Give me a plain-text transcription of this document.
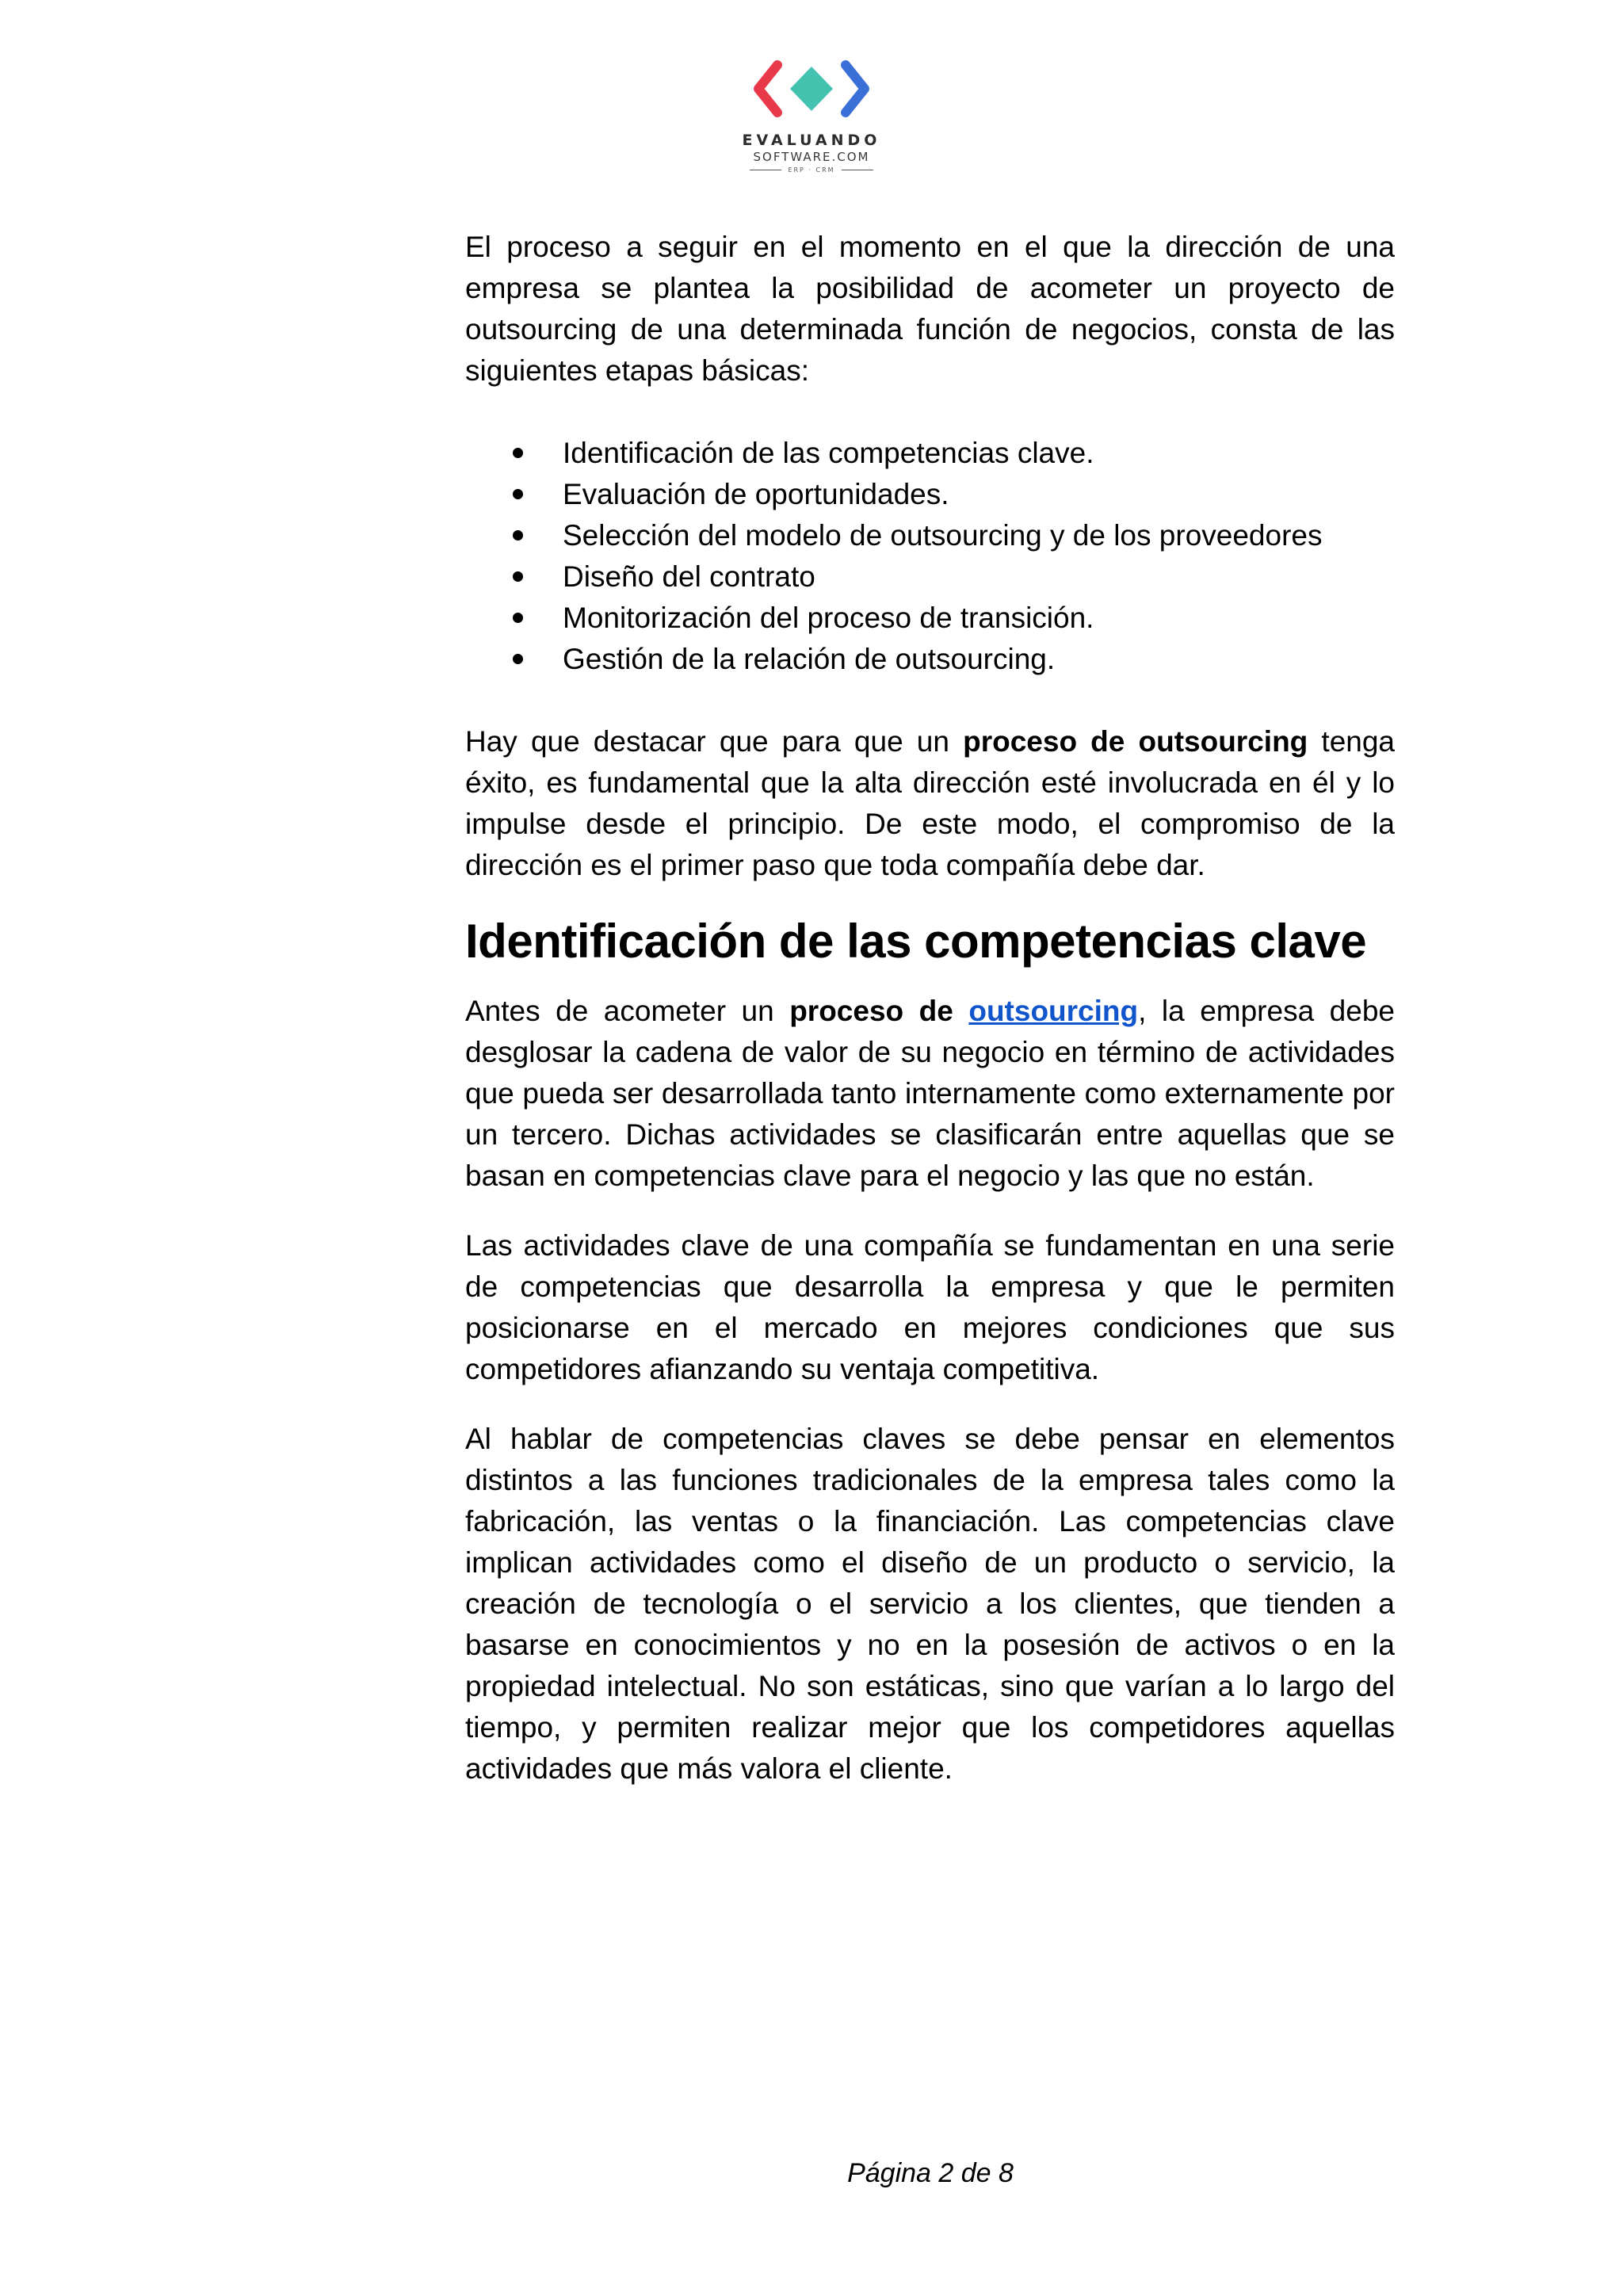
EVALUANDO
SOFTWARE.COM
ERP · CRM

El proceso a seguir en el momento en el que la dirección de una empresa se plantea la posibilidad de acometer un proyecto de outsourcing de una determinada función de negocios, consta de las siguientes etapas básicas:

Identificación de las competencias clave.
Evaluación de oportunidades.
Selección del modelo de outsourcing y de los proveedores
Diseño del contrato
Monitorización del proceso de transición.
Gestión de la relación de outsourcing.

Hay que destacar que para que un proceso de outsourcing tenga éxito, es fundamental que la alta dirección esté involucrada en él y lo impulse desde el principio. De este modo, el compromiso de la dirección es el primer paso que toda compañía debe dar.

Identificación de las competencias clave

Antes de acometer un proceso de outsourcing, la empresa debe desglosar la cadena de valor de su negocio en término de actividades que pueda ser desarrollada tanto internamente como externamente por un tercero. Dichas actividades se clasificarán entre aquellas que se basan en competencias clave para el negocio y las que no están.

Las actividades clave de una compañía se fundamentan en una serie de competencias que desarrolla la empresa y que le permiten posicionarse en el mercado en mejores condiciones que sus competidores afianzando su ventaja competitiva.

Al hablar de competencias claves se debe pensar en elementos distintos a las funciones tradicionales de la empresa tales como la fabricación, las ventas o la financiación. Las competencias clave implican actividades como el diseño de un producto o servicio, la creación de tecnología o el servicio a los clientes, que tienden a basarse en conocimientos y no en la posesión de activos o en la propiedad intelectual. No son estáticas, sino que varían a lo largo del tiempo, y permiten realizar mejor que los competidores aquellas actividades que más valora el cliente.

Página 2 de 8
